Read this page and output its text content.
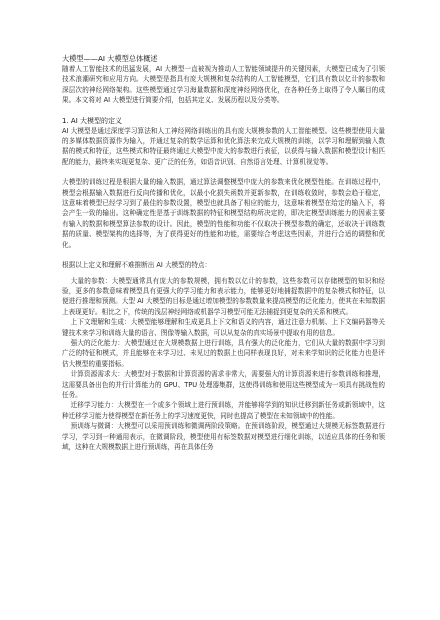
大模型——AI 大模型总体概述

随着人工智能技术的迅猛发展，AI 大模型一直被视为推动人工智能领域提升的关键因素，大模型已成为了引领技术浪潮研究和应用方向。大模型是指具有庞大规模和复杂结构的人工智能模型，它们具有数以亿计的参数和深层次的神经网络架构。这些模型通过学习海量数据和深度神经网络优化，在各种任务上取得了令人瞩目的成果。本文将对 AI 大模型进行简要介绍，包括其定义、发展历程以及分类等。

1. AI 大模型的定义

AI 大模型是通过深度学习算法和人工神经网络训练出的具有庞大规模参数的人工智能模型。这些模型使用大量的多媒体数据资源作为输入，并通过复杂的数学运算和优化算法来完成大规模的训练，以学习和理解到输入数据的模式和特征，这些模式和特征最终通过大模型中庞大的参数进行表征，以获得与输入数据和模型设计相匹配的能力，最终来实现更复杂、更广泛的任务，如语音识别、自然语言处理、计算机视觉等。

大模型的训练过程是根据大量的输入数据，通过算法调整模型中庞大的参数来优化模型性能。在训练过程中，模型会根据输入数据进行反向传播和优化，以最小化损失函数并更新参数，在训练收敛时，参数会趋于稳定，这意味着模型已经学习到了最佳的参数设置，模型也就具备了相应的能力，这意味着模型在给定的输入下，将会产生一致的输出。这种确定性是基于训练数据的特征和模型结构所决定的，即决定模型训练能力的因素主要有输入的数据和模型算法参数的设计。因此，模型的性能和功能不仅取决于模型参数的确定，还取决于训练数据的质量、模型架构的选择等，为了获得更好的性能和功能，需要综合考虑这些因素，并进行合适的调整和优化。

根据以上定义和理解不难推断出 AI 大模型的特点：

大量的参数：大模型通常具有庞大的参数规模，拥有数以亿计的参数，这些参数可以存储模型的知识和经验，更多的参数意味着模型具有更强大的学习能力和表示能力，能够更好地捕捉数据中的复杂模式和特征，以便进行推理和预测。大型 AI 大模型的目标是通过增加模型的参数数量来提高模型的泛化能力，使其在未知数据上表现更好。相比之下，传统的浅层神经网络或机器学习模型可能无法捕捉到更复杂的关系和模式。

上下文理解和生成：大模型能够理解和生成更具上下文和语义的内容，通过注意力机制、上下文编码器等关键技术来学习和训练大量的语言、图像等输入数据，可以从复杂的真实场景中提取有用的信息。

强大的泛化能力：大模型通过在大规模数据上进行训练，具有强大的泛化能力，它们从大量的数据中学习到广泛的特征和模式，并且能够在未学习过、未见过的数据上也同样表现良好，对未来学知识的泛化能力也是评估大模型的重要指标。

计算资源需求大：大模型对于数据和计算资源的需求非常大，需要强大的计算资源来进行参数训练和推理，这需要具备出色的并行计算能力的 GPU、TPU 处理器集群，这使得训练和使用这些模型成为一项具有挑战性的任务。

迁移学习能力：大模型在一个或多个领域上进行预训练，并能够将学到的知识迁移到新任务或新领域中，这种迁移学习能力使得模型在新任务上的学习速度更快，同时也提高了模型在未知领域中的性能。

预训练与微调：大模型可以采用预训练和微调两阶段策略。在预训练阶段，模型通过大规模无标签数据进行学习，学习到一种通用表示，在微调阶段，模型使用有标签数据对模型进行细化训练，以适应具体的任务和领域，这种在大规模数据上进行预训练，再在具体任务
